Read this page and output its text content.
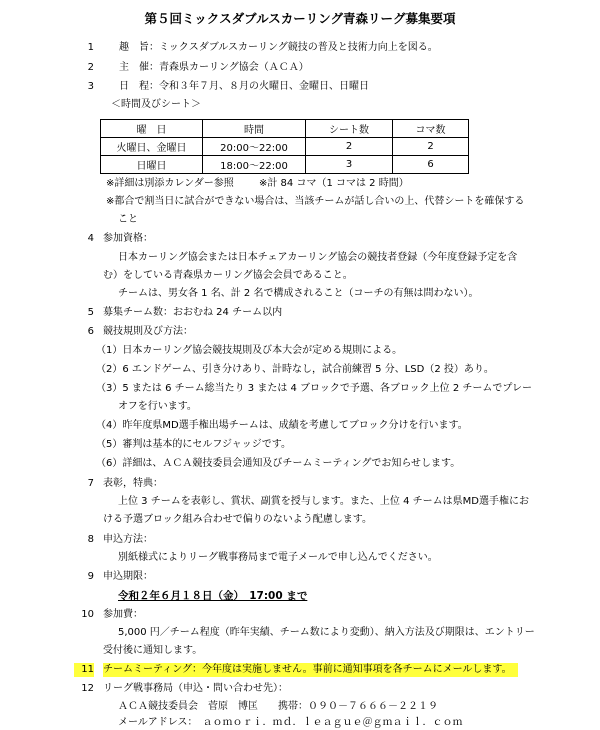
第５回ミックスダブルスカーリング青森リーグ募集要項
1	趣　旨：ミックスダブルスカーリング競技の普及と技術力向上を図る。
2	主　催：青森県カーリング協会（ＡＣＡ）
3	日　程：令和３年７月、８月の火曜日、金曜日、日曜日
＜時間及びシート＞
曜　日	時間	シート数	コマ数
火曜日、金曜日	20:00～22:00	2	2
日曜日	18:00～22:00	3	6
※詳細は別添カレンダー参照	※計 84 コマ（1 コマは 2 時間）
※都合で割当日に試合ができない場合は、当該チームが話し合いの上、代替シートを確保する
こと
4 参加資格：
日本カーリング協会または日本チェアカーリング協会の競技者登録（今年度登録予定を含
む）をしている青森県カーリング協会会員であること。
チームは、男女各 1 名、計 2 名で構成されること（コーチの有無は問わない）。
5 募集チーム数：おおむね 24 チーム以内
6 競技規則及び方法：
（1）日本カーリング協会競技規則及び本大会が定める規則による。
（2）6 エンドゲーム、引き分けあり、計時なし，試合前練習 5 分、LSD（2 投）あり。
（3）5 または 6 チーム総当たり 3 または 4 ブロックで予選、各ブロック上位 2 チームでプレー
オフを行います。
（4）昨年度県MD選手権出場チームは、成績を考慮してブロック分けを行います。
（5）審判は基本的にセルフジャッジです。
（6）詳細は、ＡＣＡ競技委員会通知及びチームミーティングでお知らせします。
7 表彰，特典：
上位 3 チームを表彰し、賞状、副賞を授与します。また、上位 4 チームは県MD選手権にお
ける予選ブロック組み合わせで偏りのないよう配慮します。
8 申込方法：
別紙様式によりリーグ戦事務局まで電子メールで申し込んでください。
9 申込期限：
令和２年６月１８日（金）　17:00 まで
10 参加費：
5,000 円／チーム程度（昨年実績、チーム数により変動）、納入方法及び期限は、エントリー
受付後に通知します。
11 チームミーティング：今年度は実施しません。事前に通知事項を各チームにメールします。
12 リーグ戦事務局（申込・問い合わせ先）：
ＡＣＡ競技委員会　菅原　博匡　　携帯：０９０－７６６６－２２１９
メールアドレス：　ａｏｍｏｒｉ．ｍｄ．ｌｅａｇｕｅ＠ｇｍａｉｌ．ｃｏｍ
